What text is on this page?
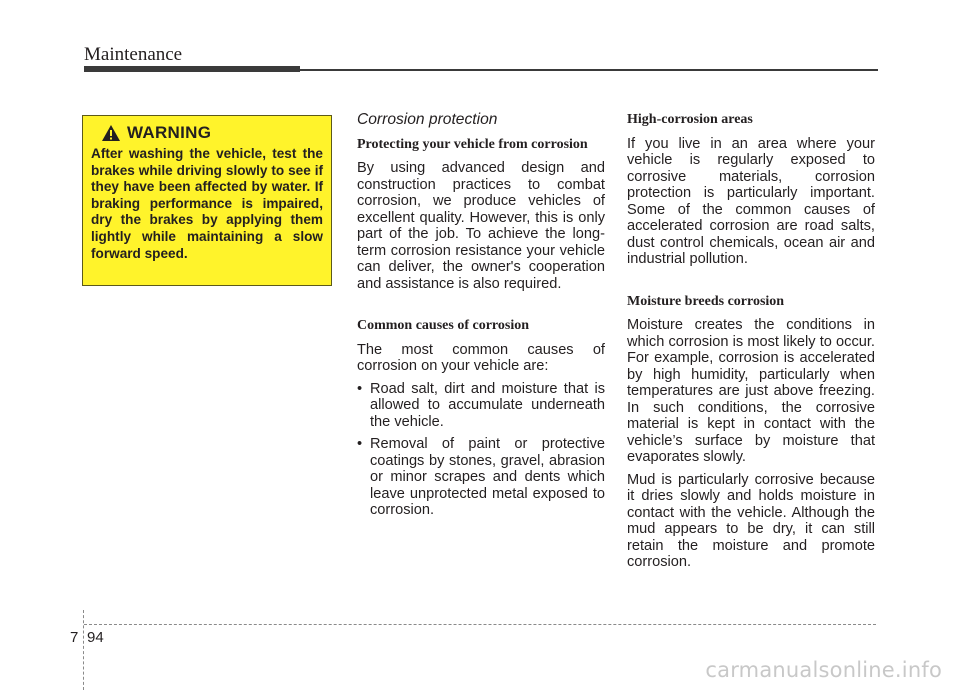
Maintenance
WARNING

After washing the vehicle, test the brakes while driving slowly to see if they have been affected by water. If braking performance is impaired, dry the brakes by applying them lightly while maintaining a slow forward speed.

Corrosion protection
Protecting your vehicle from corrosion

By using advanced design and construction practices to combat corrosion, we produce vehicles of excellent quality. However, this is only part of the job. To achieve the long-term corrosion resistance your vehicle can deliver, the owner's cooperation and assistance is also required.

Common causes of corrosion

The most common causes of corrosion on your vehicle are:

• Road salt, dirt and moisture that is allowed to accumulate underneath the vehicle.
• Removal of paint or protective coatings by stones, gravel, abrasion or minor scrapes and dents which leave unprotected metal exposed to corrosion.
High-corrosion areas

If you live in an area where your vehicle is regularly exposed to corrosive materials, corrosion protection is particularly important. Some of the common causes of accelerated corrosion are road salts, dust control chemicals, ocean air and industrial pollution.

Moisture breeds corrosion

Moisture creates the conditions in which corrosion is most likely to occur. For example, corrosion is accelerated by high humidity, particularly when temperatures are just above freezing. In such conditions, the corrosive material is kept in contact with the vehicle’s surface by moisture that evaporates slowly.

Mud is particularly corrosive because it dries slowly and holds moisture in contact with the vehicle. Although the mud appears to be dry, it can still retain the moisture and promote corrosion.

7 94
carmanualsonline.info
